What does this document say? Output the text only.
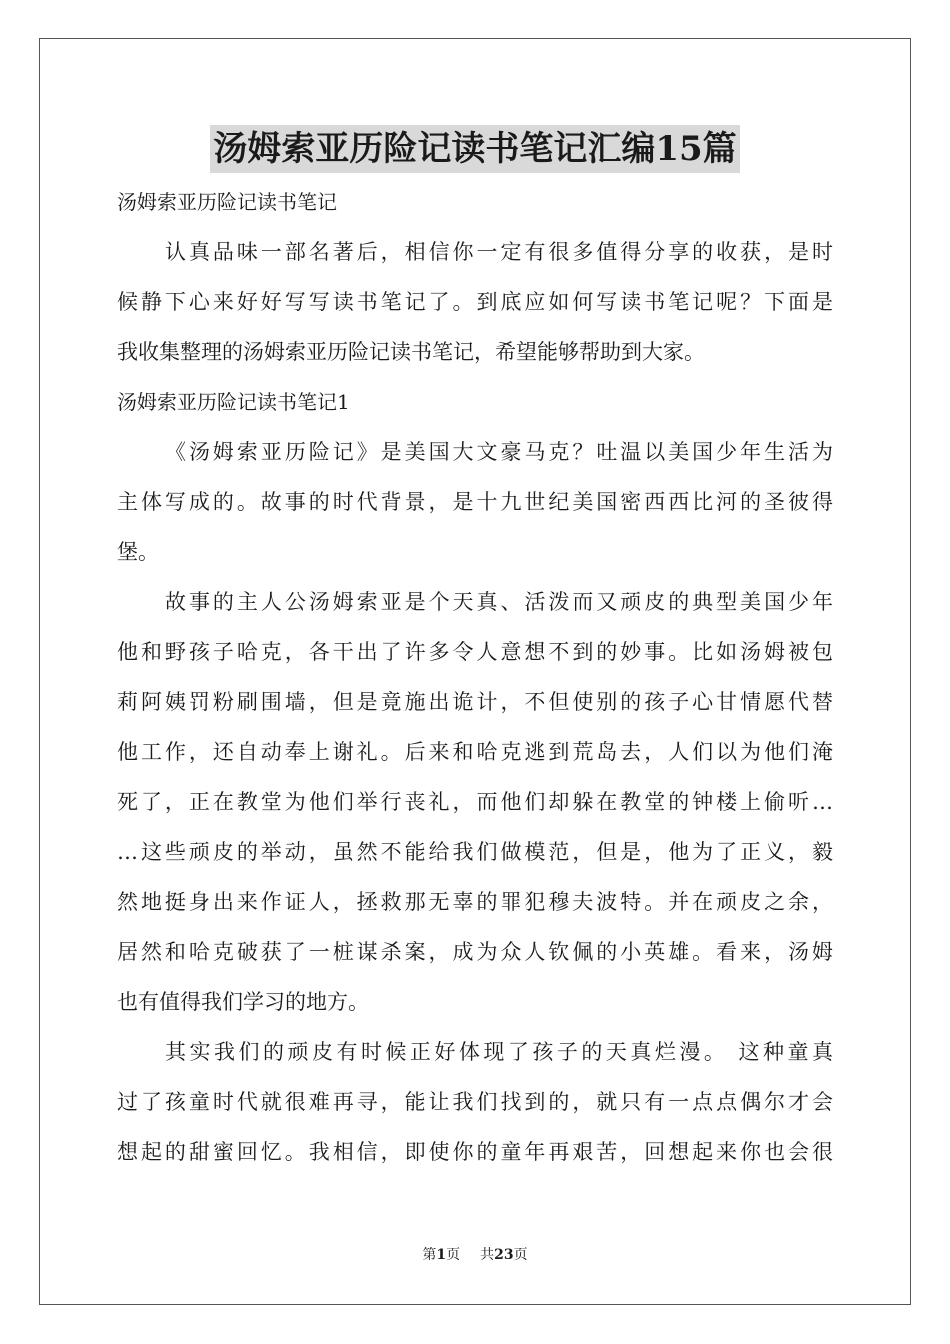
汤姆索亚历险记读书笔记汇编15篇
汤姆索亚历险记读书笔记
认真品味一部名著后，相信你一定有很多值得分享的收获，是时
候静下心来好好写写读书笔记了。到底应如何写读书笔记呢？下面是
我收集整理的汤姆索亚历险记读书笔记，希望能够帮助到大家。
汤姆索亚历险记读书笔记1
《汤姆索亚历险记》是美国大文豪马克？吐温以美国少年生活为
主体写成的。故事的时代背景，是十九世纪美国密西西比河的圣彼得
堡。
故事的主人公汤姆索亚是个天真、活泼而又顽皮的典型美国少年
他和野孩子哈克，各干出了许多令人意想不到的妙事。比如汤姆被包
莉阿姨罚粉刷围墙，但是竟施出诡计，不但使别的孩子心甘情愿代替
他工作，还自动奉上谢礼。后来和哈克逃到荒岛去，人们以为他们淹
死了，正在教堂为他们举行丧礼，而他们却躲在教堂的钟楼上偷听…
…这些顽皮的举动，虽然不能给我们做模范，但是，他为了正义，毅
然地挺身出来作证人，拯救那无辜的罪犯穆夫波特。并在顽皮之余，
居然和哈克破获了一桩谋杀案，成为众人钦佩的小英雄。看来，汤姆
也有值得我们学习的地方。
其实我们的顽皮有时候正好体现了孩子的天真烂漫。 这种童真
过了孩童时代就很难再寻，能让我们找到的，就只有一点点偶尔才会
想起的甜蜜回忆。我相信，即使你的童年再艰苦，回想起来你也会很
第1页 共23页
